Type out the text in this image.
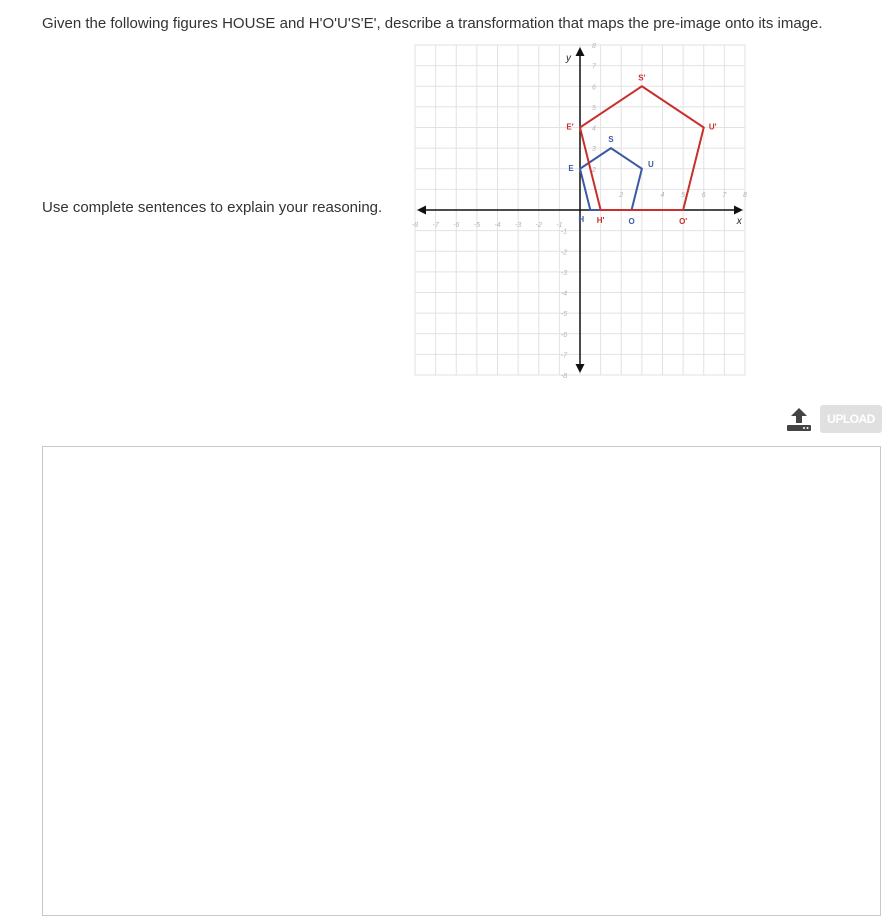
Given the following figures HOUSE and H'O'U'S'E', describe a transformation that maps the pre-image onto its image.
Use complete sentences to explain your reasoning.
x
y
-8 -7 -6 -5 -4 -3 -2 -1
2	4 5 6 7 8
8
7
6
5
4
3
2
-1
-2
-3
-4
-5
-6
-7
-8
H	O
U
S
E
H'	O'
U'
S'
E'
UPLOAD
